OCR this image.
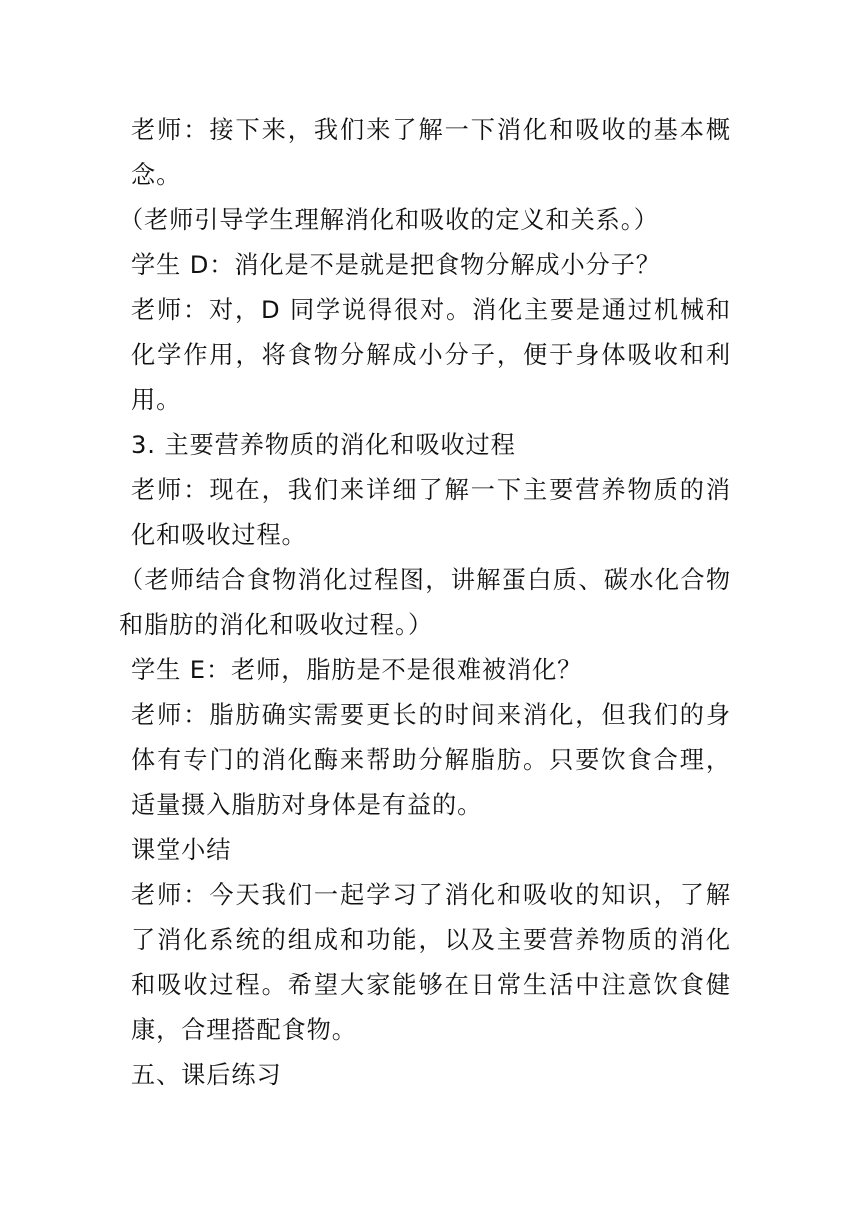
老师：接下来，我们来了解一下消化和吸收的基本概念。

（老师引导学生理解消化和吸收的定义和关系。）

学生 D：消化是不是就是把食物分解成小分子？

老师：对，D 同学说得很对。消化主要是通过机械和化学作用，将食物分解成小分子，便于身体吸收和利用。

3. 主要营养物质的消化和吸收过程

老师：现在，我们来详细了解一下主要营养物质的消化和吸收过程。

（老师结合食物消化过程图，讲解蛋白质、碳水化合物和脂肪的消化和吸收过程。）

学生 E：老师，脂肪是不是很难被消化？

老师：脂肪确实需要更长的时间来消化，但我们的身体有专门的消化酶来帮助分解脂肪。只要饮食合理，适量摄入脂肪对身体是有益的。

课堂小结

老师：今天我们一起学习了消化和吸收的知识，了解了消化系统的组成和功能，以及主要营养物质的消化和吸收过程。希望大家能够在日常生活中注意饮食健康，合理搭配食物。

五、课后练习
